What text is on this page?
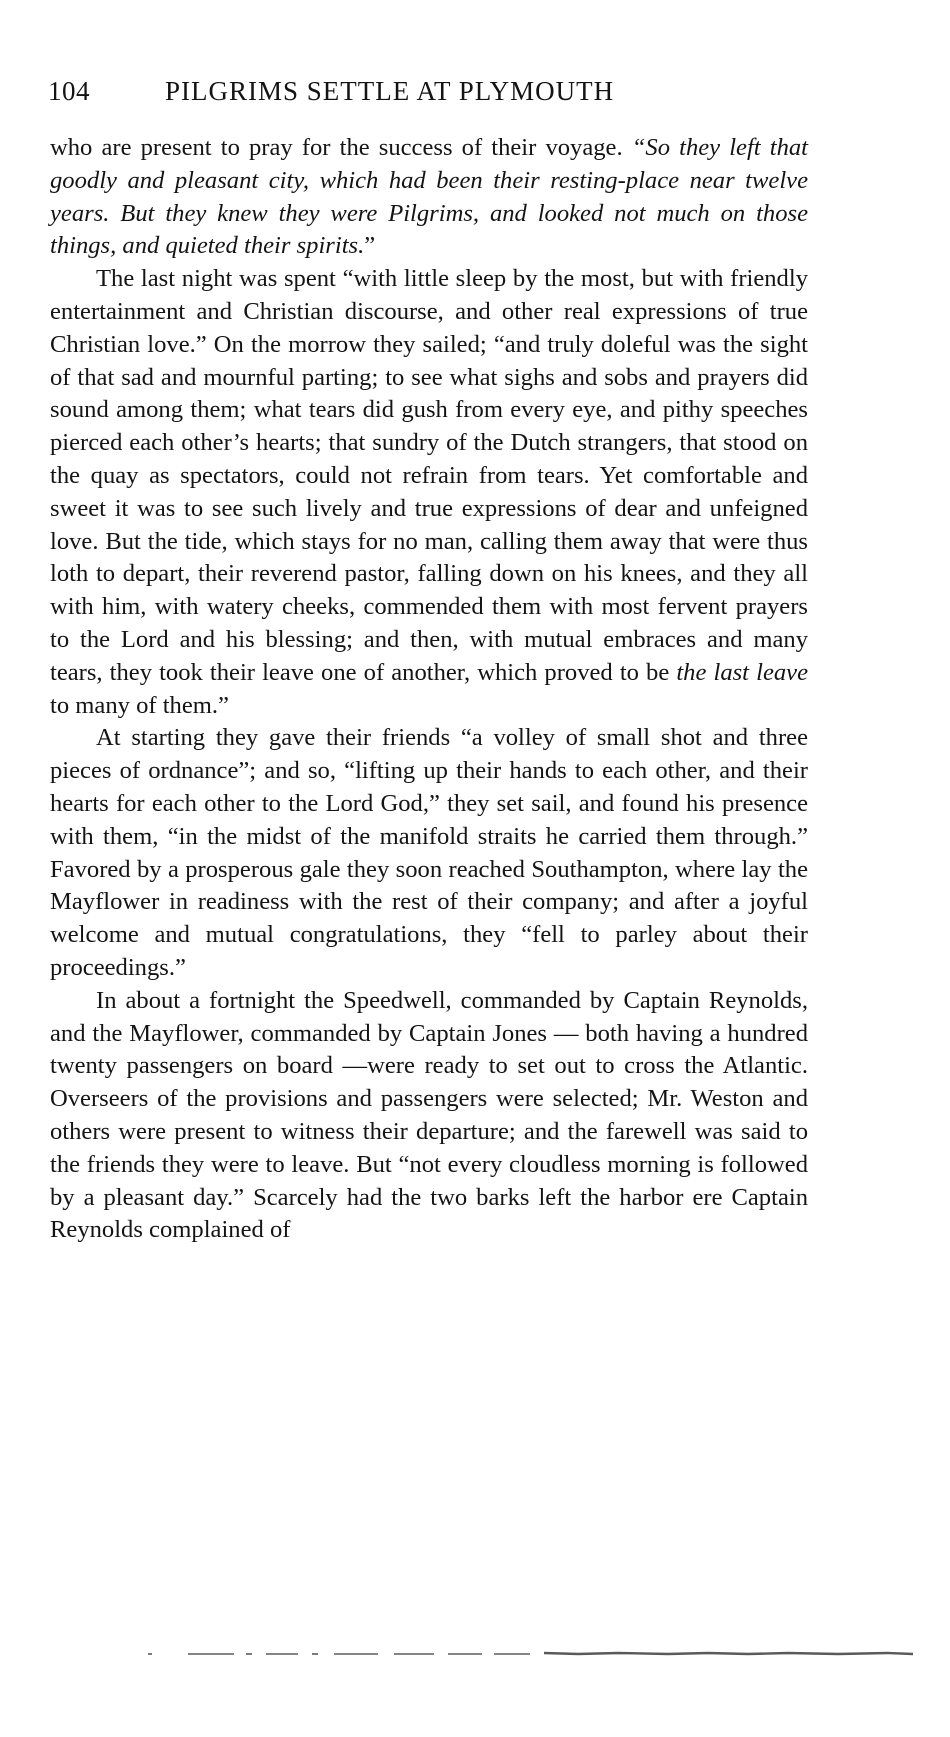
104	PILGRIMS SETTLE AT PLYMOUTH

who are present to pray for the success of their voyage. “So they left that goodly and pleasant city, which had been their resting-place near twelve years. But they knew they were Pilgrims, and looked not much on those things, and quieted their spirits.”

The last night was spent “with little sleep by the most, but with friendly entertainment and Christian discourse, and other real expressions of true Christian love.” On the morrow they sailed; “and truly doleful was the sight of that sad and mournful parting; to see what sighs and sobs and prayers did sound among them; what tears did gush from every eye, and pithy speeches pierced each other’s hearts; that sundry of the Dutch strangers, that stood on the quay as spectators, could not refrain from tears. Yet comfortable and sweet it was to see such lively and true expressions of dear and unfeigned love. But the tide, which stays for no man, calling them away that were thus loth to depart, their reverend pastor, falling down on his knees, and they all with him, with watery cheeks, commended them with most fervent prayers to the Lord and his blessing; and then, with mutual embraces and many tears, they took their leave one of another, which proved to be the last leave to many of them.”

At starting they gave their friends “a volley of small shot and three pieces of ordnance”; and so, “lifting up their hands to each other, and their hearts for each other to the Lord God,” they set sail, and found his presence with them, “in the midst of the manifold straits he carried them through.” Favored by a prosperous gale they soon reached Southampton, where lay the Mayflower in readiness with the rest of their company; and after a joyful welcome and mutual congratulations, they “fell to parley about their proceedings.”

In about a fortnight the Speedwell, commanded by Captain Reynolds, and the Mayflower, commanded by Captain Jones — both having a hundred twenty passengers on board —were ready to set out to cross the Atlantic. Overseers of the provisions and passengers were selected; Mr. Weston and others were present to witness their departure; and the farewell was said to the friends they were to leave. But “not every cloudless morning is followed by a pleasant day.” Scarcely had the two barks left the harbor ere Captain Reynolds complained of
